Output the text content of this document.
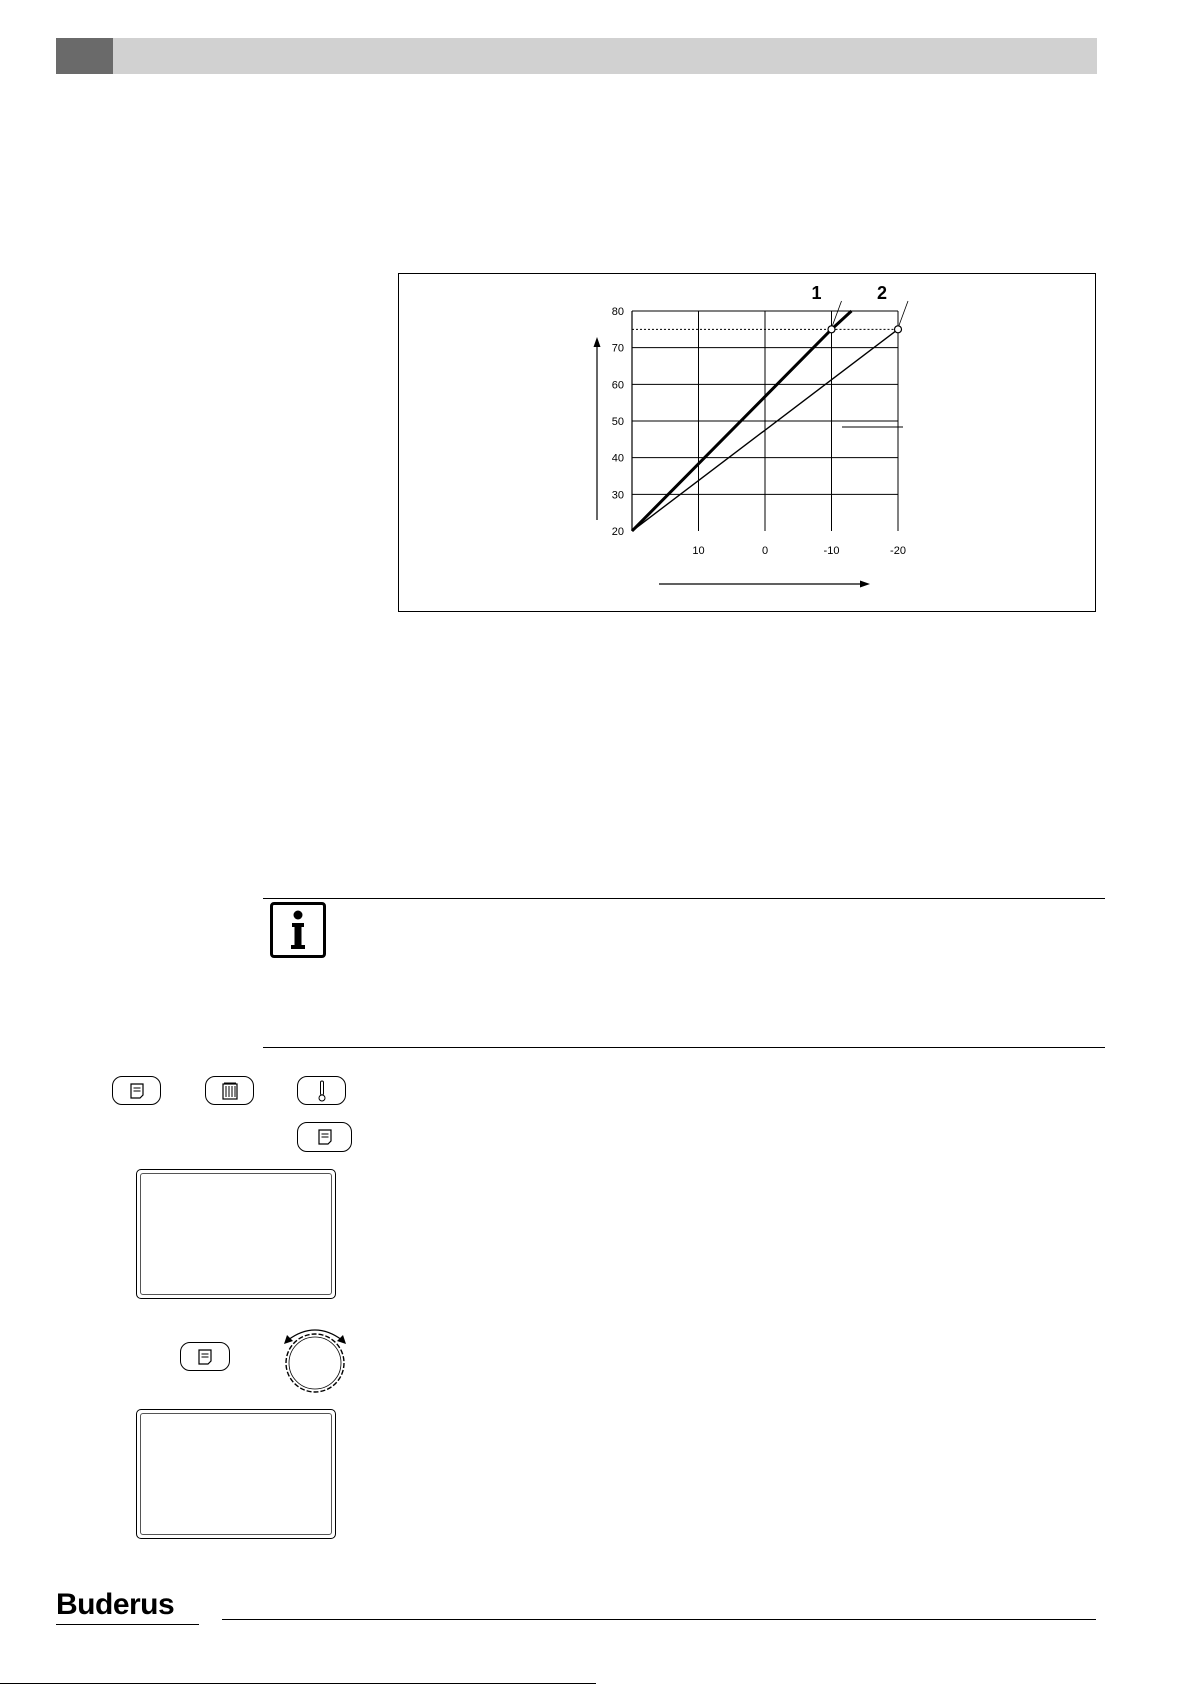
20
30
40
50
60
70
80
10	0	-10	-20
1	2
Buderus
